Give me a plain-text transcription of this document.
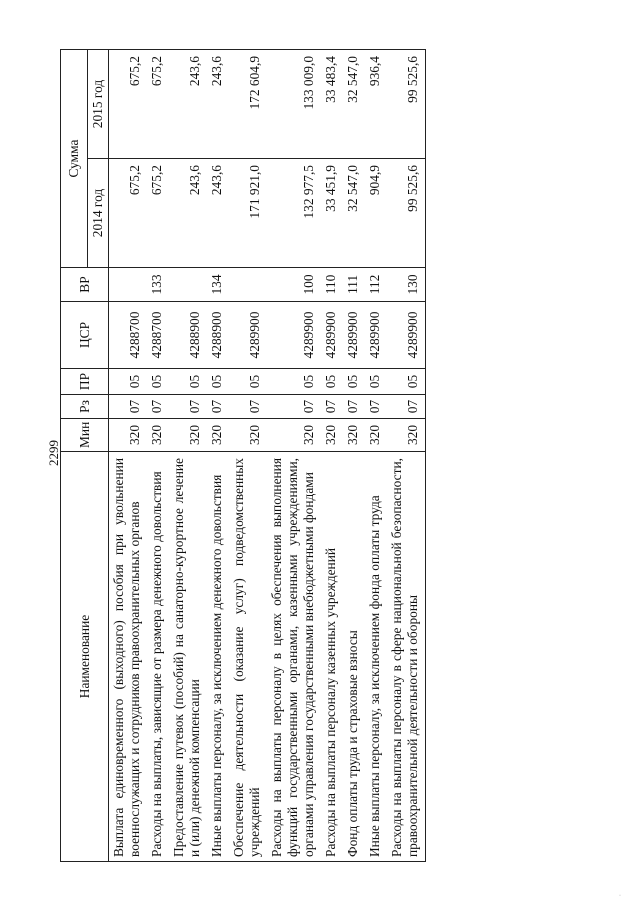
2299
Наименование	Мин	Рз	ПР	ЦСР	ВР	Сумма	
						2014 год	2015 год
Выплата единовременного (выходного) пособия при увольнении военнослужащих и сотрудников правоохранительных органов	320	07	05	4288700		675,2	675,2
Расходы на выплаты, зависящие от размера денежного довольствия	320	07	05	4288700	133	675,2	675,2
Предоставление путевок (пособий) на санаторно-курортное лечение и (или) денежной компенсации	320	07	05	4288900		243,6	243,6
Иные выплаты персоналу, за исключением денежного довольствия	320	07	05	4288900	134	243,6	243,6
Обеспечение деятельности (оказание услуг) подведомственных учреждений	320	07	05	4289900		171 921,0	172 604,9
Расходы на выплаты персоналу в целях обеспечения выполнения функций государственными органами, казенными учреждениями, органами управления государственными внебюджетными фондами	320	07	05	4289900	100	132 977,5	133 009,0
Расходы на выплаты персоналу казенных учреждений	320	07	05	4289900	110	33 451,9	33 483,4
Фонд оплаты труда и страховые взносы	320	07	05	4289900	111	32 547,0	32 547,0
Иные выплаты персоналу, за исключением фонда оплаты труда	320	07	05	4289900	112	904,9	936,4
Расходы на выплаты персоналу в сфере национальной безопасности, правоохранительной деятельности и обороны	320	07	05	4289900	130	99 525,6	99 525,6
·
